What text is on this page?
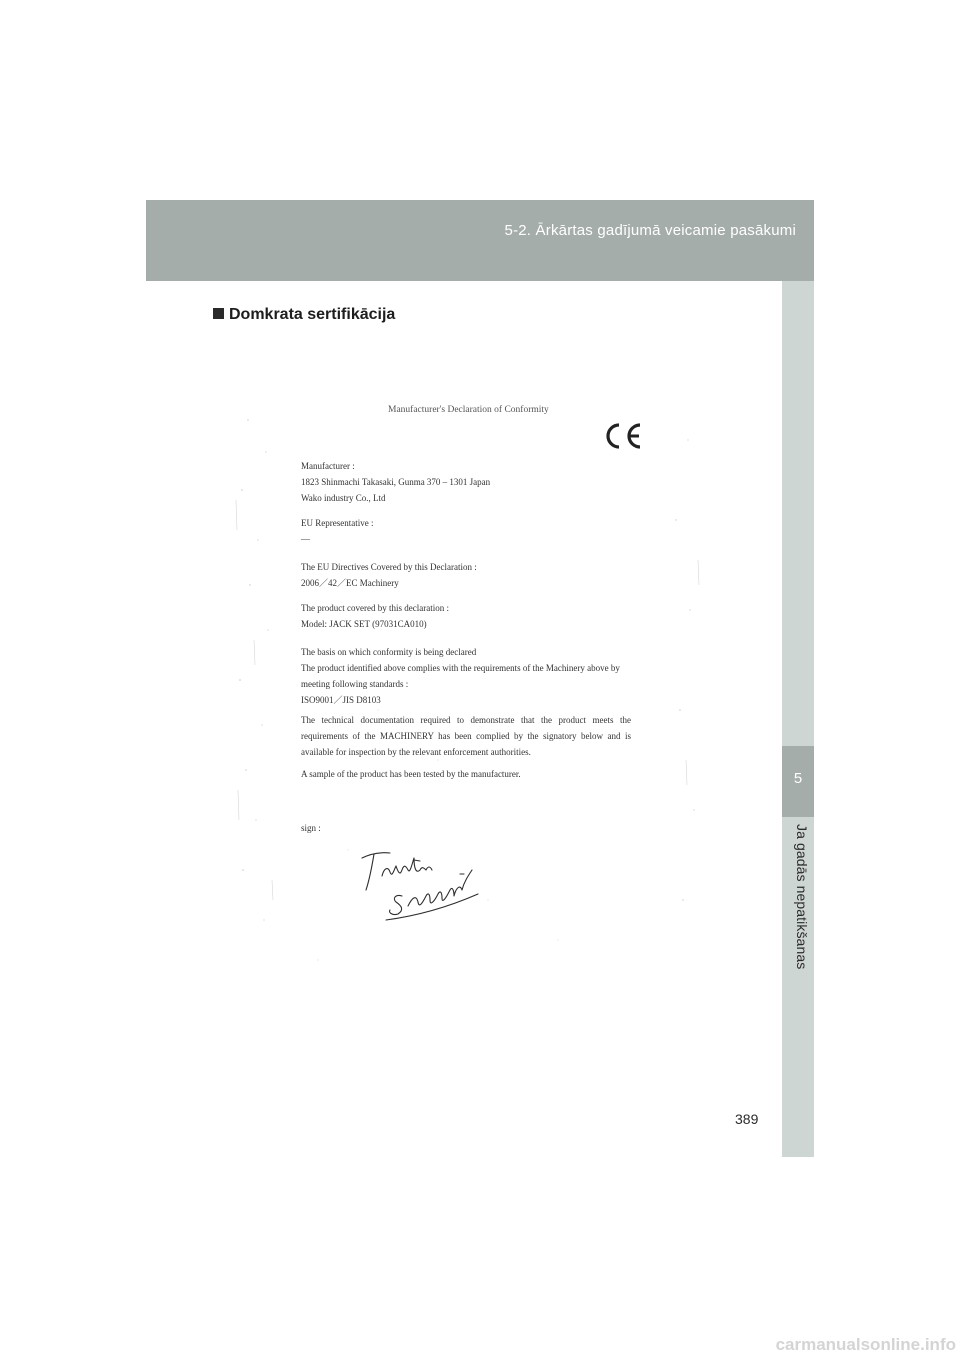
5-2. Ārkārtas gadījumā veicamie pasākumi
5
Ja gadās nepatikšanas
Domkrata sertifikācija
Manufacturer's Declaration of Conformity
Manufacturer :
1823 Shinmachi Takasaki, Gunma 370 – 1301 Japan
Wako industry Co., Ltd
EU Representative :
—
The EU Directives Covered by this Declaration :
2006／42／EC Machinery
The product covered by this declaration :
Model: JACK SET (97031CA010)
The basis on which conformity is being declared
The product identified above complies with the requirements of the Machinery above by
meeting following standards :
ISO9001／JIS D8103
The technical documentation required to demonstrate that the product meets the
requirements of the MACHINERY has been complied by the signatory below and is
available for inspection by the relevant enforcement authorities.
A sample of the product has been tested by the manufacturer.
sign :
389
carmanualsonline.info
